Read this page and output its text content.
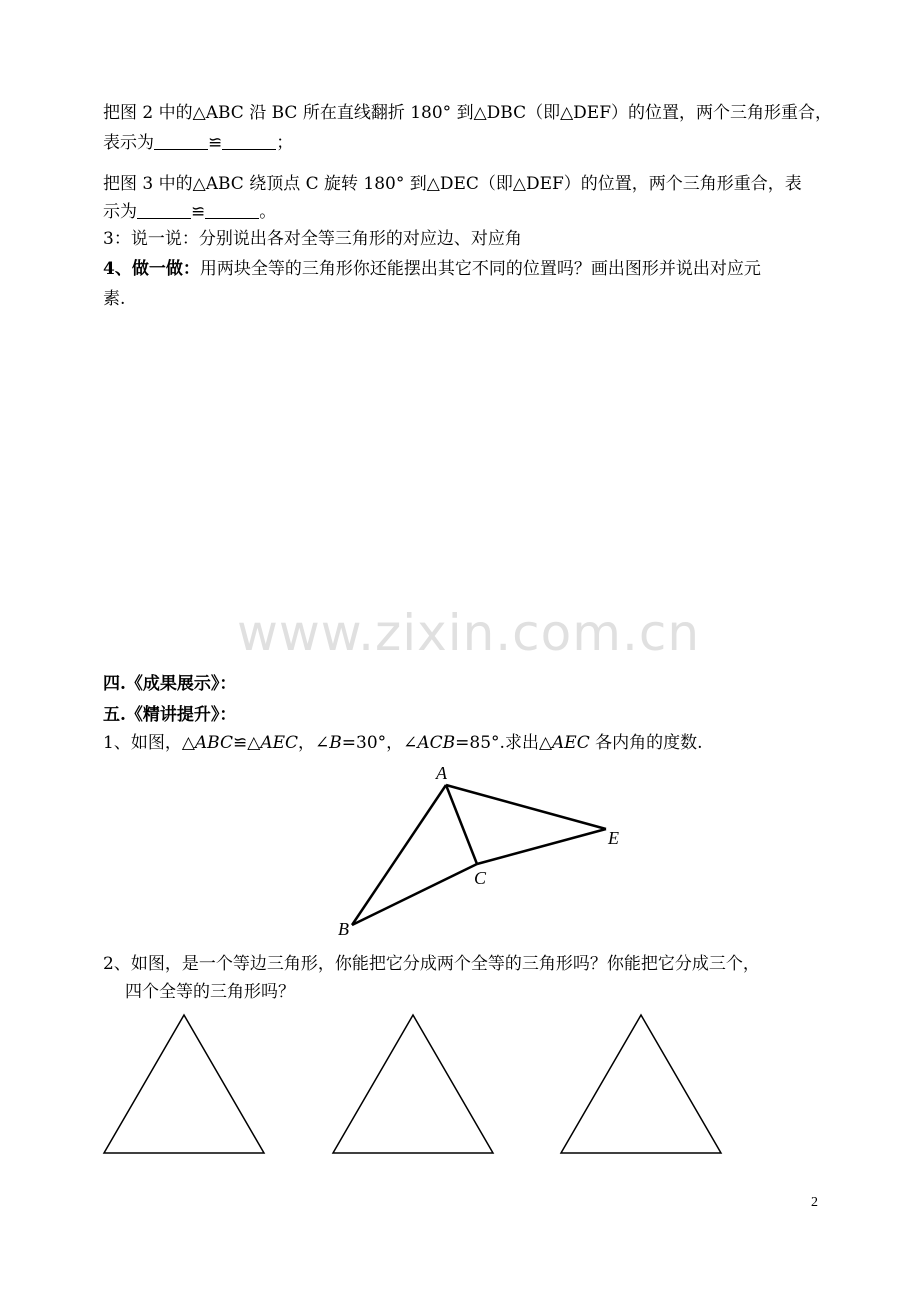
把图 2 中的△ABC 沿 BC 所在直线翻折 180° 到△DBC（即△DEF）的位置，两个三角形重合，
表示为	≌	；
把图 3 中的△ABC 绕顶点 C 旋转 180° 到△DEC（即△DEF）的位置，两个三角形重合，表
示为	≌	。
3：说一说：分别说出各对全等三角形的对应边、对应角
4、做一做：用两块全等的三角形你还能摆出其它不同的位置吗？画出图形并说出对应元
素.
www.zixin.com.cn
四.《成果展示》：
五.《精讲提升》：
1、如图，△ABC≌△AEC，∠B=30°，∠ACB=85°.求出△AEC 各内角的度数.
2、如图，是一个等边三角形，你能把它分成两个全等的三角形吗？你能把它分成三个，
四个全等的三角形吗？
A
E
C
B
2
